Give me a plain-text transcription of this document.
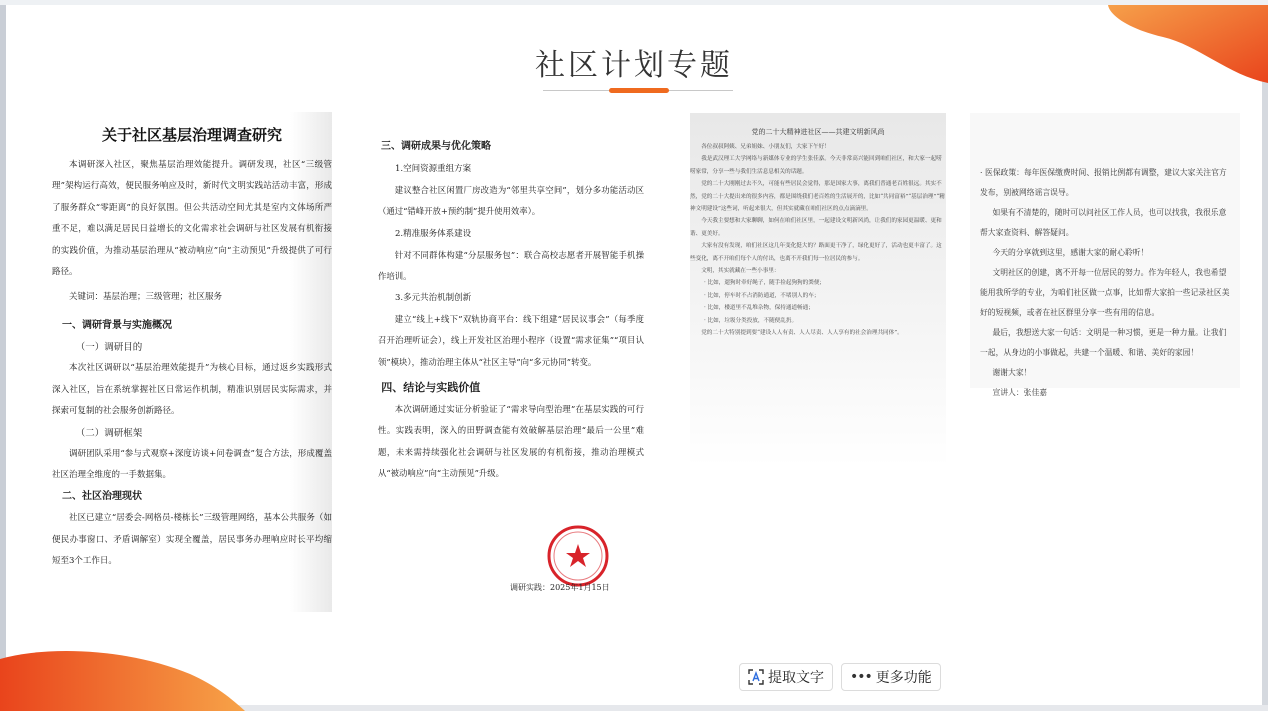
社区计划专题
关于社区基层治理调查研究

本调研深入社区，聚焦基层治理效能提升。调研发现，社区“三级管理”架构运行高效，便民服务响应及时，新时代文明实践站活动丰富，形成了服务群众“零距离”的良好氛围。但公共活动空间尤其是室内文体场所严重不足，难以满足居民日益增长的文化需求社会调研与社区发展有机衔接的实践价值，为推动基层治理从“被动响应”向“主动预见”升级提供了可行路径。

关键词：基层治理；三级管理；社区服务

一、调研背景与实施概况

（一）调研目的

本次社区调研以“基层治理效能提升”为核心目标，通过返乡实践形式深入社区，旨在系统掌握社区日常运作机制，精准识别居民实际需求，并探索可复制的社会服务创新路径。

（二）调研框架

调研团队采用“参与式观察+深度访谈+问卷调查”复合方法，形成覆盖社区治理全维度的一手数据集。

二、社区治理现状

社区已建立“居委会-网格员-楼栋长”三级管理网络，基本公共服务（如便民办事窗口、矛盾调解室）实现全覆盖，居民事务办理响应时长平均缩短至3个工作日。

三、调研成果与优化策略

1.空间资源重组方案

建议整合社区闲置厂房改造为“邻里共享空间”，划分多功能活动区（通过“错峰开放+预约制”提升使用效率）。

2.精准服务体系建设

针对不同群体构建“分层服务包”：联合高校志愿者开展智能手机操作培训。

3.多元共治机制创新

建立“线上+线下”双轨协商平台：线下组建“居民议事会”（每季度召开治理听证会），线上开发社区治理小程序（设置“需求征集”“项目认领”模块），推动治理主体从“社区主导”向“多元协同”转变。

四、结论与实践价值

本次调研通过实证分析验证了“需求导向型治理”在基层实践的可行性。实践表明，深入的田野调查能有效破解基层治理“最后一公里”难题，未来需持续强化社会调研与社区发展的有机衔接，推动治理模式从“被动响应”向“主动预见”升级。

调研实践：2025年1月15日
党的二十大精神进社区——共建文明新风尚

各位叔叔阿姨、兄弟姐妹、小朋友们，大家下午好！

我是武汉理工大学网络与新媒体专业的学生张佳嘉。今天非常高兴能回到咱们社区，和大家一起唠唠家常，分享一些与我们生活息息相关的话题。

党的二十大刚刚过去不久，可能有些居民会觉得，那是国家大事，离我们普通老百姓很远。其实不然，党的二十大提出来的很多内容，都是围绕我们老百姓的生活展开的，比如“共同富裕”“基层治理”“精神文明建设”这些词，听起来很大，但其实就藏在咱们社区的点点滴滴里。

今天我主要想和大家聊聊，如何在咱们社区里，一起建设文明新风尚，让我们的家园更温暖、更和谐、更美好。

大家有没有发现，咱们社区这几年变化挺大的？路面更干净了，绿化更好了，活动也更丰富了。这些变化，离不开咱们每个人的付出，也离不开我们每一位居民的参与。

文明，其实就藏在一些小事里：

· 比如，遛狗时牵好绳子，随手捡起狗狗的粪便；

· 比如，停车时不占消防通道，不堵别人的车；

· 比如，楼道里不乱堆杂物，保持通道畅通；

· 比如，垃圾分类投放，不随便乱扔。

党的二十大特别提到要“建设人人有责、人人尽责、人人享有的社会治理共同体”。

· 医保政策：每年医保缴费时间、报销比例都有调整，建议大家关注官方发布，别被网络谣言误导。

如果有不清楚的，随时可以问社区工作人员，也可以找我，我很乐意帮大家查资料、解答疑问。

今天的分享就到这里，感谢大家的耐心聆听！

文明社区的创建，离不开每一位居民的努力。作为年轻人，我也希望能用我所学的专业，为咱们社区做一点事，比如帮大家拍一些记录社区美好的短视频，或者在社区群里分享一些有用的信息。

最后，我想送大家一句话：文明是一种习惯，更是一种力量。让我们一起，从身边的小事做起，共建一个温暖、和谐、美好的家园！

谢谢大家！

宣讲人：张佳嘉

提取文字 ••• 更多功能
